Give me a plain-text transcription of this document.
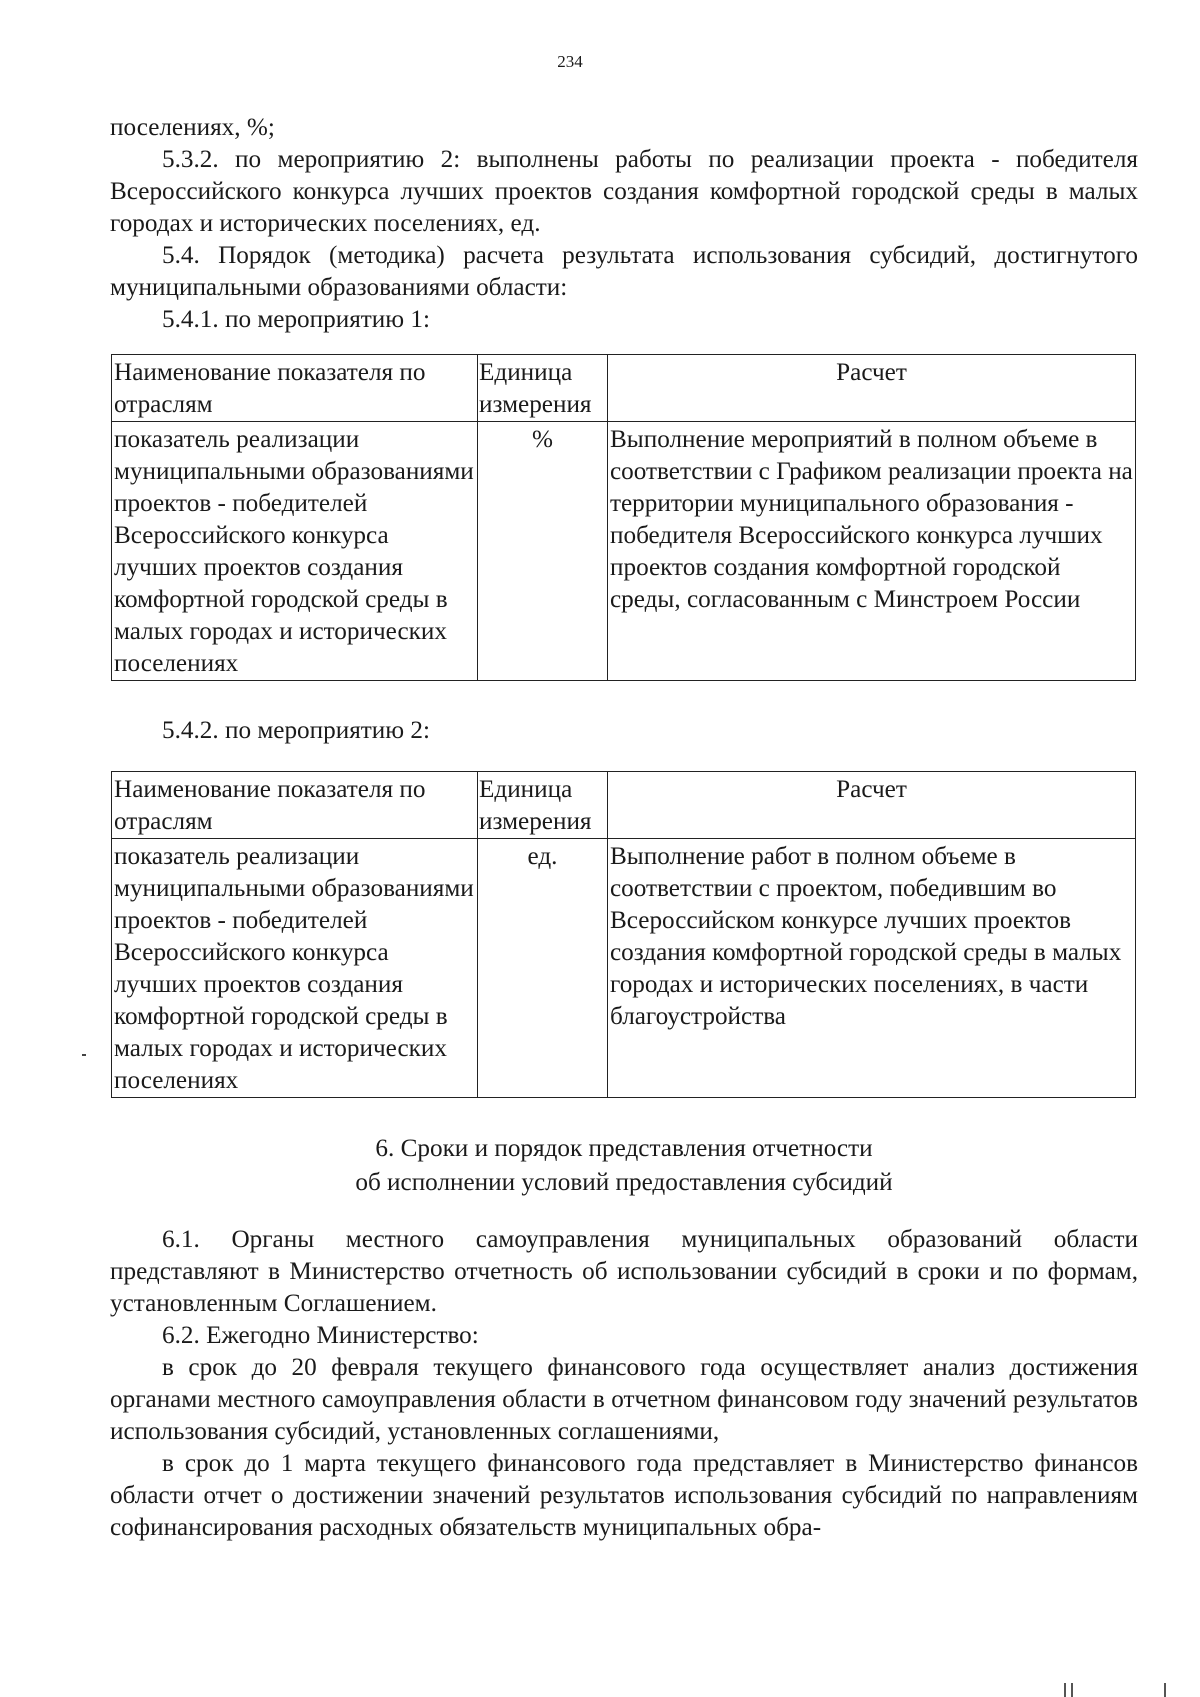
234

поселениях, %;

5.3.2. по мероприятию 2: выполнены работы по реализации проекта - победителя Всероссийского конкурса лучших проектов создания комфортной городской среды в малых городах и исторических поселениях, ед.

5.4. Порядок (методика) расчета результата использования субсидий, достигнутого муниципальными образованиями области:

5.4.1. по мероприятию 1:

Наименование показателя по отраслям	Единица измерения	Расчет
показатель реализации муниципальными образованиями проектов - победителей Всероссийского конкурса лучших проектов создания комфортной городской среды в малых городах и исторических поселениях	%	Выполнение мероприятий в полном объеме в соответствии с Графиком реализации проекта на территории муниципального образования - победителя Всероссийского конкурса лучших проектов создания комфортной городской среды, согласованным с Минстроем России

5.4.2. по мероприятию 2:

Наименование показателя по отраслям	Единица измерения	Расчет
показатель реализации муниципальными образованиями проектов - победителей Всероссийского конкурса лучших проектов создания комфортной городской среды в малых городах и исторических поселениях	ед.	Выполнение работ в полном объеме в соответствии с проектом, победившим во Всероссийском конкурсе лучших проектов создания комфортной городской среды в малых городах и исторических поселениях, в части благоустройства
6. Сроки и порядок представления отчетности
об исполнении условий предоставления субсидий

6.1. Органы местного самоуправления муниципальных образований области представляют в Министерство отчетность об использовании субсидий в сроки и по формам, установленным Соглашением.

6.2. Ежегодно Министерство:

в срок до 20 февраля текущего финансового года осуществляет анализ достижения органами местного самоуправления области в отчетном финансовом году значений результатов использования субсидий, установленных соглашениями,

в срок до 1 марта текущего финансового года представляет в Министерство финансов области отчет о достижении значений результатов использования субсидий по направлениям софинансирования расходных обязательств муниципальных обра-
